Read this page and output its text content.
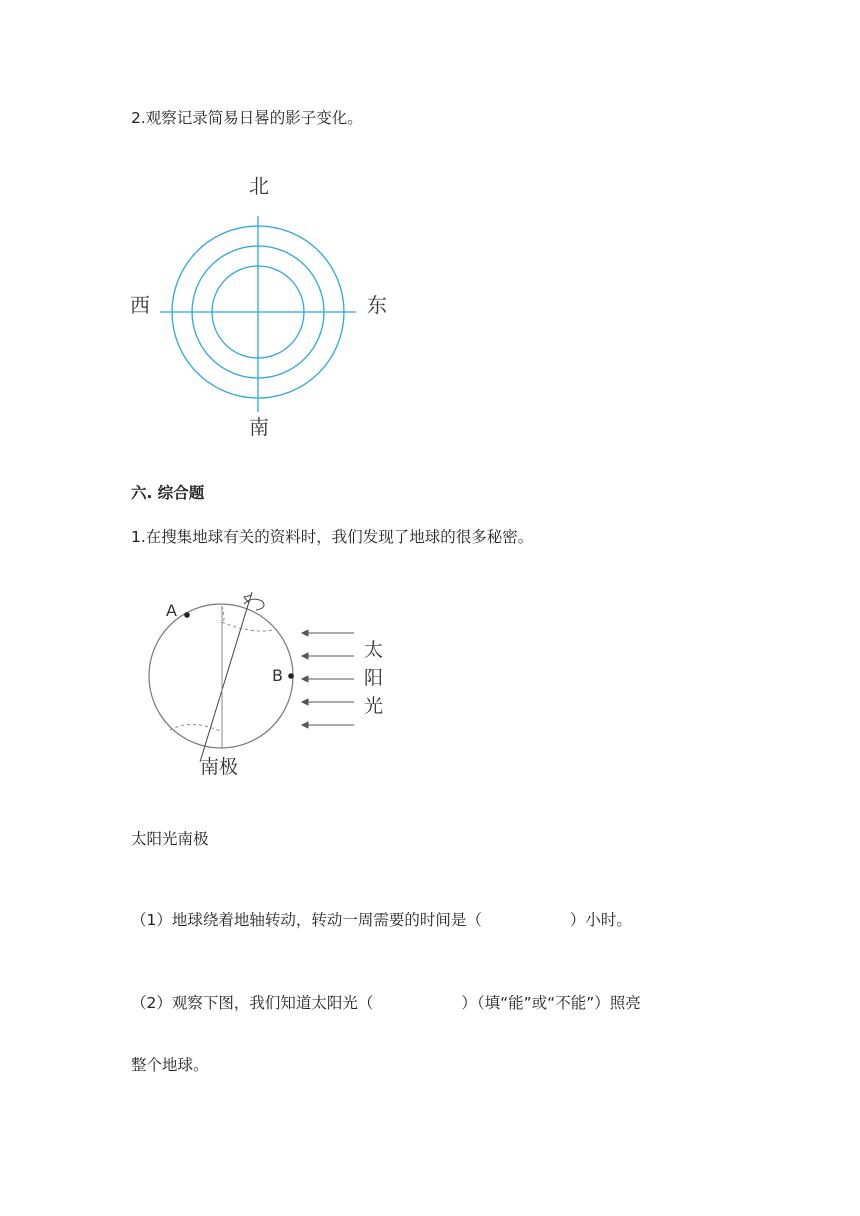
2.观察记录简易日晷的影子变化。
北
西	东
南
六. 综合题
1.在搜集地球有关的资料时，我们发现了地球的很多秘密。
A
B
太
阳
光
南极
太阳光南极
（1）地球绕着地轴转动，转动一周需要的时间是（	）小时。
（2）观察下图，我们知道太阳光（	）（填“能”或“不能”）照亮
整个地球。
